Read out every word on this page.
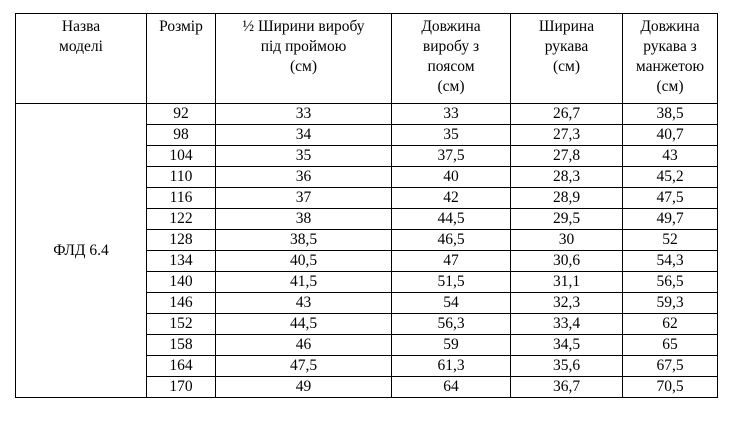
Назва
моделі	Розмір	½ Ширини виробу
під проймою
(см)	Довжина
виробу з
поясом
(см)	Ширина
рукава
(см)	Довжина
рукава з
манжетою
(см)
ФЛД 6.4	92	33	33	26,7	38,5
	98	34	35	27,3	40,7
	104	35	37,5	27,8	43
	110	36	40	28,3	45,2
	116	37	42	28,9	47,5
	122	38	44,5	29,5	49,7
	128	38,5	46,5	30	52
	134	40,5	47	30,6	54,3
	140	41,5	51,5	31,1	56,5
	146	43	54	32,3	59,3
	152	44,5	56,3	33,4	62
	158	46	59	34,5	65
	164	47,5	61,3	35,6	67,5
	170	49	64	36,7	70,5
